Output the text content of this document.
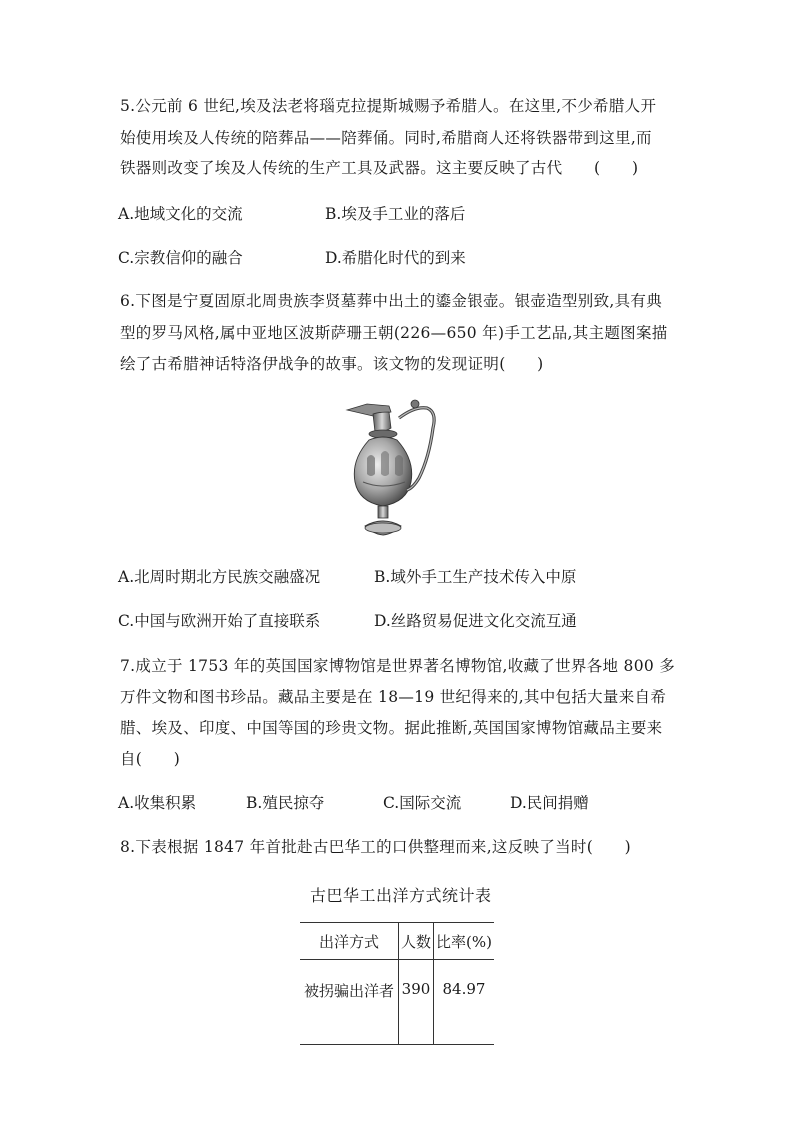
5.公元前 6 世纪,埃及法老将瑙克拉提斯城赐予希腊人。在这里,不少希腊人开
始使用埃及人传统的陪葬品——陪葬俑。同时,希腊商人还将铁器带到这里,而
铁器则改变了埃及人传统的生产工具及武器。这主要反映了古代　　(　　)
A.地域文化的交流	B.埃及手工业的落后
C.宗教信仰的融合	D.希腊化时代的到来
6.下图是宁夏固原北周贵族李贤墓葬中出土的鎏金银壶。银壶造型别致,具有典
型的罗马风格,属中亚地区波斯萨珊王朝(226—650 年)手工艺品,其主题图案描
绘了古希腊神话特洛伊战争的故事。该文物的发现证明(　　)
A.北周时期北方民族交融盛况	B.域外手工生产技术传入中原
C.中国与欧洲开始了直接联系	D.丝路贸易促进文化交流互通
7.成立于 1753 年的英国国家博物馆是世界著名博物馆,收藏了世界各地 800 多
万件文物和图书珍品。藏品主要是在 18—19 世纪得来的,其中包括大量来自希
腊、埃及、印度、中国等国的珍贵文物。据此推断,英国国家博物馆藏品主要来
自(　　)
A.收集积累	B.殖民掠夺	C.国际交流	D.民间捐赠
8.下表根据 1847 年首批赴古巴华工的口供整理而来,这反映了当时(　　)
古巴华工出洋方式统计表
出洋方式	人数	比率(%)
被拐骗出洋者	390	84.97
